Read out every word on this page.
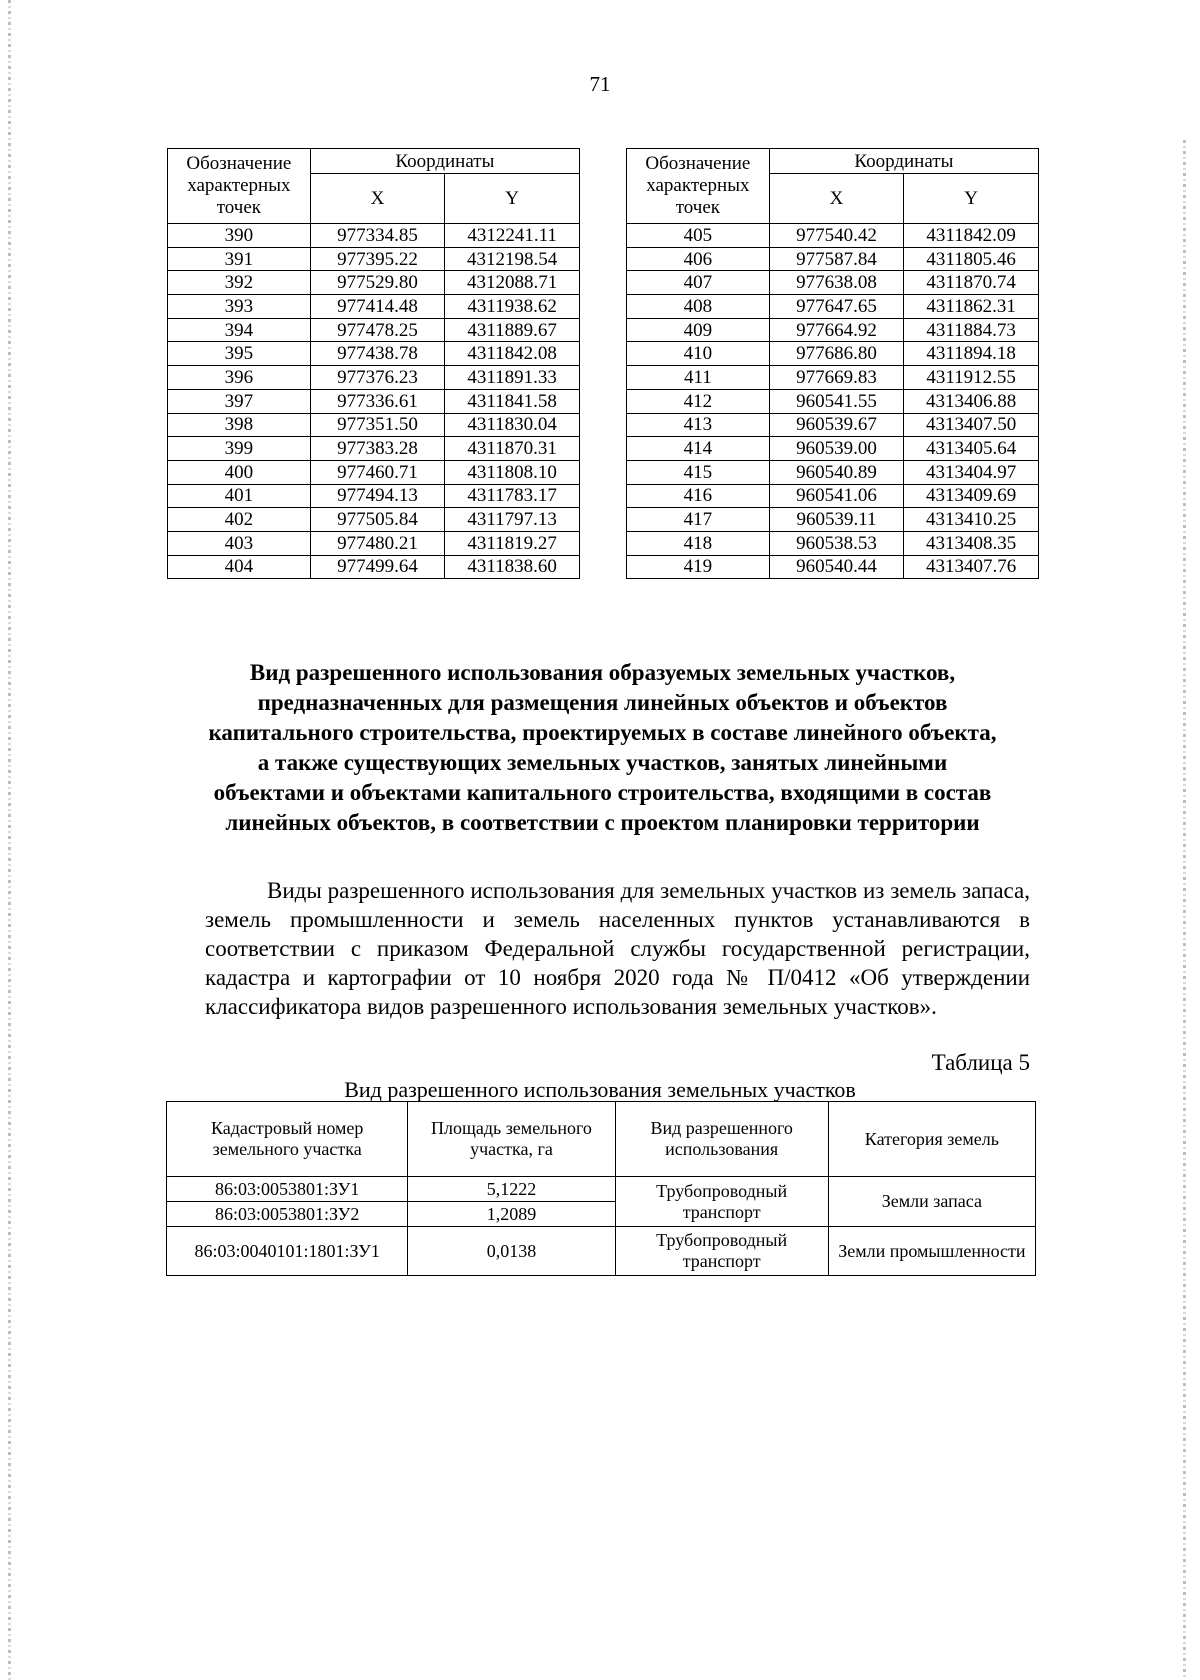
71
Обозначение характерных точек	Координаты	
	X	Y
390	977334.85	4312241.11
391	977395.22	4312198.54
392	977529.80	4312088.71
393	977414.48	4311938.62
394	977478.25	4311889.67
395	977438.78	4311842.08
396	977376.23	4311891.33
397	977336.61	4311841.58
398	977351.50	4311830.04
399	977383.28	4311870.31
400	977460.71	4311808.10
401	977494.13	4311783.17
402	977505.84	4311797.13
403	977480.21	4311819.27
404	977499.64	4311838.60
Обозначение характерных точек	Координаты	
	X	Y
405	977540.42	4311842.09
406	977587.84	4311805.46
407	977638.08	4311870.74
408	977647.65	4311862.31
409	977664.92	4311884.73
410	977686.80	4311894.18
411	977669.83	4311912.55
412	960541.55	4313406.88
413	960539.67	4313407.50
414	960539.00	4313405.64
415	960540.89	4313404.97
416	960541.06	4313409.69
417	960539.11	4313410.25
418	960538.53	4313408.35
419	960540.44	4313407.76
Вид разрешенного использования образуемых земельных участков, предназначенных для размещения линейных объектов и объектов капитального строительства, проектируемых в составе линейного объекта, а также существующих земельных участков, занятых линейными объектами и объектами капитального строительства, входящими в состав линейных объектов, в соответствии с проектом планировки территории

Виды разрешенного использования для земельных участков из земель запаса, земель промышленности и земель населенных пунктов устанавливаются в соответствии с приказом Федеральной службы государственной регистрации, кадастра и картографии от 10 ноября 2020 года № П/0412 «Об утверждении классификатора видов разрешенного использования земельных участков».

Таблица 5
Вид разрешенного использования земельных участков
Кадастровый номер земельного участка	Площадь земельного участка, га	Вид разрешенного использования	Категория земель
86:03:0053801:ЗУ1	5,1222	Трубопроводный транспорт	Земли запаса
86:03:0053801:ЗУ2	1,2089		
86:03:0040101:1801:ЗУ1	0,0138	Трубопроводный транспорт	Земли промышленности
